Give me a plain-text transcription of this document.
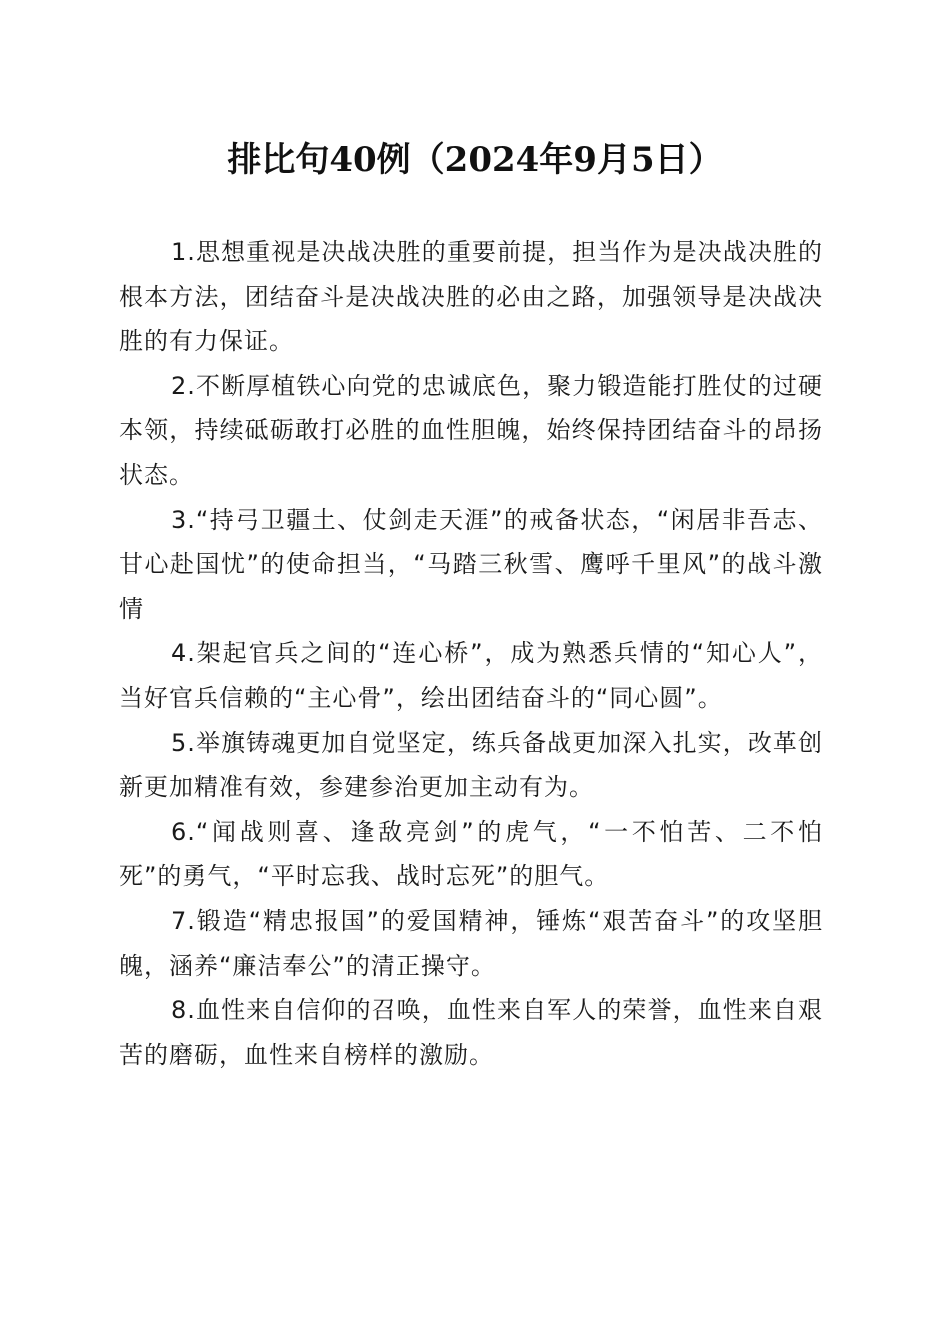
排比句40例（2024年9月5日）

1.思想重视是决战决胜的重要前提，担当作为是决战决胜的根本方法，团结奋斗是决战决胜的必由之路，加强领导是决战决胜的有力保证。

2.不断厚植铁心向党的忠诚底色，聚力锻造能打胜仗的过硬本领，持续砥砺敢打必胜的血性胆魄，始终保持团结奋斗的昂扬状态。

3.“持弓卫疆土、仗剑走天涯”的戒备状态，“闲居非吾志、甘心赴国忧”的使命担当，“马踏三秋雪、鹰呼千里风”的战斗激情

4.架起官兵之间的“连心桥”，成为熟悉兵情的“知心人”，当好官兵信赖的“主心骨”，绘出团结奋斗的“同心圆”。

5.举旗铸魂更加自觉坚定，练兵备战更加深入扎实，改革创新更加精准有效，参建参治更加主动有为。

6.“闻战则喜、逢敌亮剑”的虎气，“一不怕苦、二不怕死”的勇气，“平时忘我、战时忘死”的胆气。

7.锻造“精忠报国”的爱国精神，锤炼“艰苦奋斗”的攻坚胆魄，涵养“廉洁奉公”的清正操守。

8.血性来自信仰的召唤，血性来自军人的荣誉，血性来自艰苦的磨砺，血性来自榜样的激励。
